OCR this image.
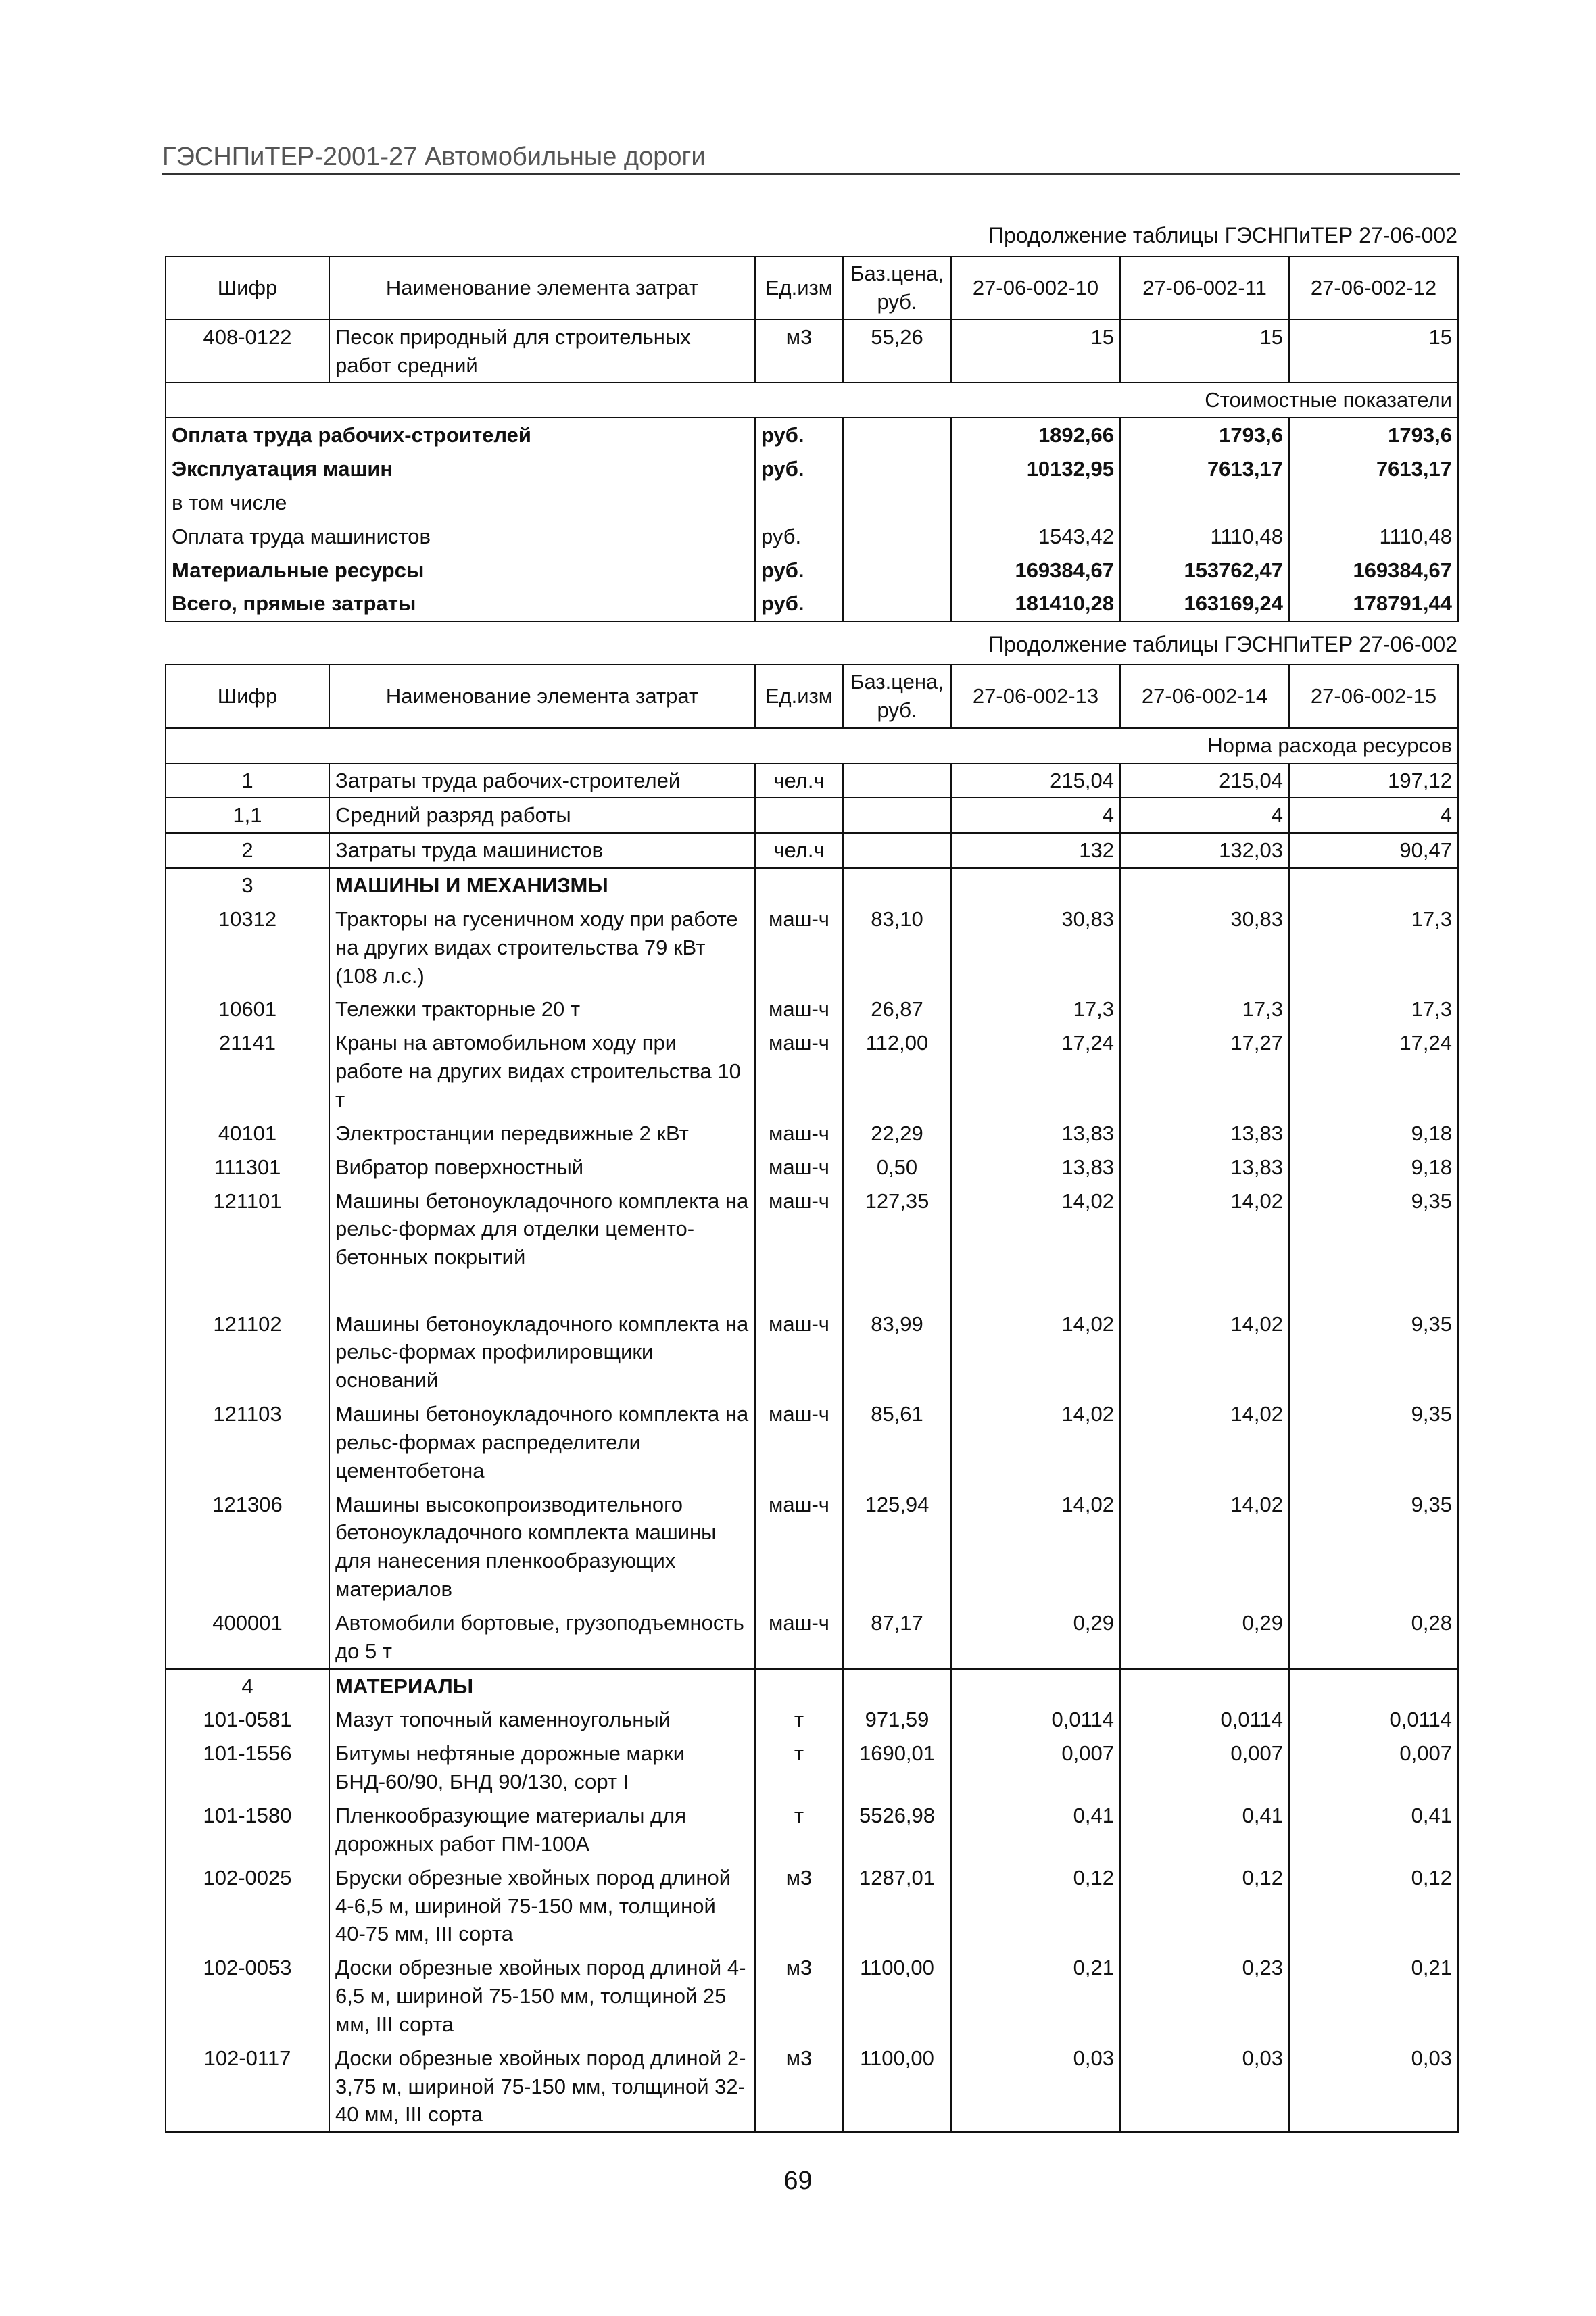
ГЭСНПиТЕР-2001-27 Автомобильные дороги
Продолжение таблицы ГЭСНПиТЕР 27-06-002
Шифр	Наименование элемента затрат	Ед.изм	Баз.цена, руб.	27-06-002-10	27-06-002-11	27-06-002-12
408-0122	Песок природный для строительных работ средний	м3	55,26	15	15	15
Стоимостные показатели						
Оплата труда рабочих-строителей		руб.		1892,66	1793,6	1793,6
Эксплуатация машин		руб.		10132,95	7613,17	7613,17
в том числе						
Оплата труда машинистов		руб.		1543,42	1110,48	1110,48
Материальные ресурсы		руб.		169384,67	153762,47	169384,67
Всего, прямые затраты		руб.		181410,28	163169,24	178791,44
Продолжение таблицы ГЭСНПиТЕР 27-06-002
Шифр	Наименование элемента затрат	Ед.изм	Баз.цена, руб.	27-06-002-13	27-06-002-14	27-06-002-15
Норма расхода ресурсов						
1	Затраты труда рабочих-строителей	чел.ч		215,04	215,04	197,12
1,1	Средний разряд работы			4	4	4
2	Затраты труда машинистов	чел.ч		132	132,03	90,47
3	МАШИНЫ И МЕХАНИЗМЫ					
10312	Тракторы на гусеничном ходу при работе на других видах строительства 79 кВт (108 л.с.)	маш-ч	83,10	30,83	30,83	17,3
10601	Тележки тракторные 20 т	маш-ч	26,87	17,3	17,3	17,3
21141	Краны на автомобильном ходу при работе на других видах строительства 10 т	маш-ч	112,00	17,24	17,27	17,24
40101	Электростанции передвижные 2 кВт	маш-ч	22,29	13,83	13,83	9,18
111301	Вибратор поверхностный	маш-ч	0,50	13,83	13,83	9,18
121101	Машины бетоноукладочного комплекта на рельс-формах для отделки цементо-бетонных покрытий	маш-ч	127,35	14,02	14,02	9,35
121102	Машины бетоноукладочного комплекта на рельс-формах профилировщики оснований	маш-ч	83,99	14,02	14,02	9,35
121103	Машины бетоноукладочного комплекта на рельс-формах распределители цементобетона	маш-ч	85,61	14,02	14,02	9,35
121306	Машины высокопроизводительного бетоноукладочного комплекта машины для нанесения пленкообразующих материалов	маш-ч	125,94	14,02	14,02	9,35
400001	Автомобили бортовые, грузоподъемность до 5 т	маш-ч	87,17	0,29	0,29	0,28
4	МАТЕРИАЛЫ					
101-0581	Мазут топочный каменноугольный	т	971,59	0,0114	0,0114	0,0114
101-1556	Битумы нефтяные дорожные марки БНД-60/90, БНД 90/130, сорт I	т	1690,01	0,007	0,007	0,007
101-1580	Пленкообразующие материалы для дорожных работ ПМ-100А	т	5526,98	0,41	0,41	0,41
102-0025	Бруски обрезные хвойных пород длиной 4-6,5 м, шириной 75-150 мм, толщиной 40-75 мм, III сорта	м3	1287,01	0,12	0,12	0,12
102-0053	Доски обрезные хвойных пород длиной 4-6,5 м, шириной 75-150 мм, толщиной 25 мм, III сорта	м3	1100,00	0,21	0,23	0,21
102-0117	Доски обрезные хвойных пород длиной 2-3,75 м, шириной 75-150 мм, толщиной 32-40 мм, III сорта	м3	1100,00	0,03	0,03	0,03
69
